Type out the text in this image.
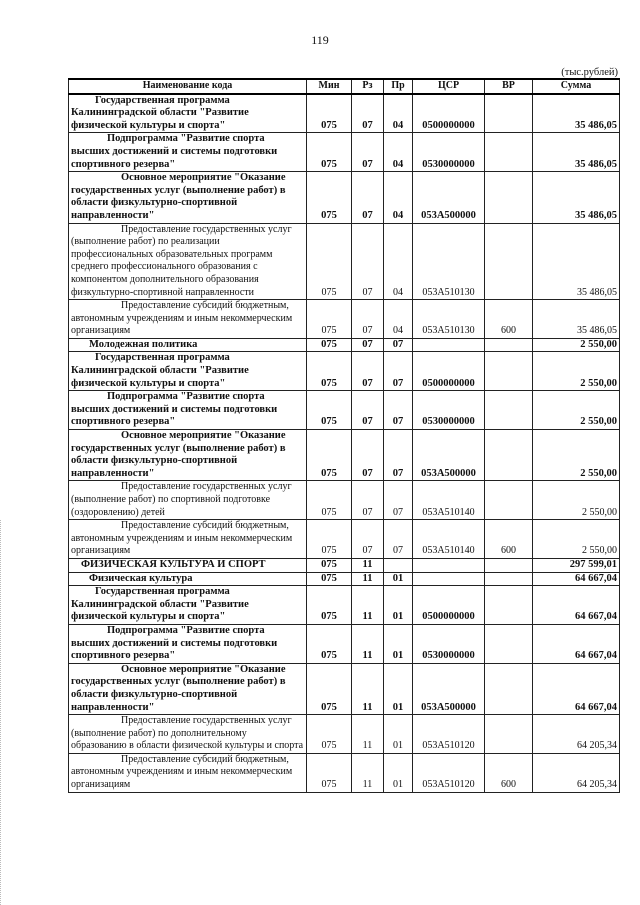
119
(тыс.рублей)
Наименование кода	Мин	Рз	Пр	ЦСР	ВР	Сумма
Государственная программа Калининградской области "Развитие физической культуры и спорта"	075	07	04	0500000000		35 486,05
Подпрограмма "Развитие спорта высших достижений и системы подготовки спортивного резерва"	075	07	04	0530000000		35 486,05
Основное мероприятие "Оказание государственных услуг (выполнение работ) в области физкультурно-спортивной направленности"	075	07	04	053А500000		35 486,05
Предоставление государственных услуг (выполнение работ) по реализации профессиональных образовательных программ среднего профессионального образования с компонентом дополнительного образования физкультурно-спортивной направленности	075	07	04	053А510130		35 486,05
Предоставление субсидий бюджетным, автономным учреждениям и иным некоммерческим организациям	075	07	04	053А510130	600	35 486,05
Молодежная политика	075	07	07			2 550,00
Государственная программа Калининградской области "Развитие физической культуры и спорта"	075	07	07	0500000000		2 550,00
Подпрограмма "Развитие спорта высших достижений и системы подготовки спортивного резерва"	075	07	07	0530000000		2 550,00
Основное мероприятие "Оказание государственных услуг (выполнение работ) в области физкультурно-спортивной направленности"	075	07	07	053А500000		2 550,00
Предоставление государственных услуг (выполнение работ) по спортивной подготовке (оздоровлению) детей	075	07	07	053А510140		2 550,00
Предоставление субсидий бюджетным, автономным учреждениям и иным некоммерческим организациям	075	07	07	053А510140	600	2 550,00
ФИЗИЧЕСКАЯ КУЛЬТУРА И СПОРТ	075	11				297 599,01
Физическая культура	075	11	01			64 667,04
Государственная программа Калининградской области "Развитие физической культуры и спорта"	075	11	01	0500000000		64 667,04
Подпрограмма "Развитие спорта высших достижений и системы подготовки спортивного резерва"	075	11	01	0530000000		64 667,04
Основное мероприятие "Оказание государственных услуг (выполнение работ) в области физкультурно-спортивной направленности"	075	11	01	053А500000		64 667,04
Предоставление государственных услуг (выполнение работ) по дополнительному образованию в области физической культуры и спорта	075	11	01	053А510120		64 205,34
Предоставление субсидий бюджетным, автономным учреждениям и иным некоммерческим организациям	075	11	01	053А510120	600	64 205,34
